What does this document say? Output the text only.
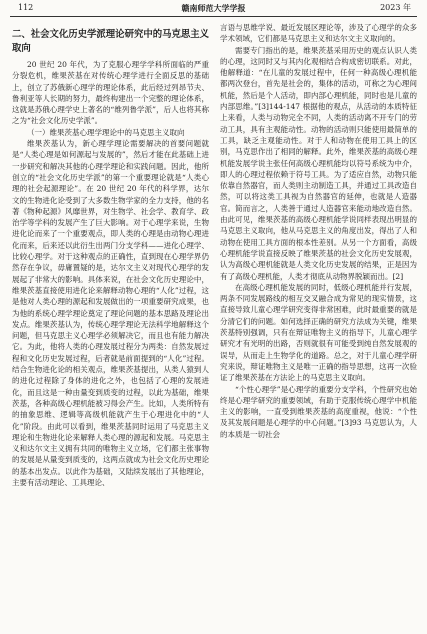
112	赣南师范大学学报	2023 年
二、社会文化历史学派理论研究中的马克思主义取向

20 世纪 20 年代，为了克服心理学学科所面临的严重分裂危机，维果茨基在对传统心理学进行全面反思的基础上，创立了苏俄新心理学的理论体系，此后经过列昂节夫、鲁利亚等人长期的努力，最终构建出一个完整的理论体系，这就是苏俄心理学史上著名的“维列鲁学派”，后人也将其称之为“社会文化历史学派”。

（一）维果茨基心理学理论中的马克思主义取向

维果茨基认为，新心理学理论需要解决的首要问题就是“人类心理是如何源起与发展的”，然后才能在此基础上进一步研究和解决其他的心理学理论和实践问题。因此，他所创立的“社会文化历史学派”的第一个重要理论就是“人类心理的社会起源理论”。在 20 世纪 20 年代的科学界，达尔文的生物进化论受到了大多数生物学家的全力支持，他的名著《物种起源》风靡世界，对生物学、社会学、教育学、政治学等学科的发展产生了巨大影响。对于心理学来说，生物进化论而来了一个重要观点，即人类的心理是由动物心理进化而来，后来还以此衍生出两门分支学科——进化心理学、比较心理学。对于这种观点的正确性，直到现在心理学界仍然存在争议，毋庸置疑的是，达尔文主义对现代心理学的发展起了非常大的影响。具体来说，在社会文化历史理论中，维果茨基直接使用进化论来解释动物心理的“人化”过程，这是他对人类心理的源起和发展做出的一项重要研究成果，也为他的系统心理学理论奠定了理论问题的基本思路及理论出发点。维果茨基认为，传统心理学理论无法科学地解释这个问题，但马克思主义心理学必须解决它，而且也有能力解决它。为此，他将人类的心理发展过程分为两类：自然发展过程和文化历史发展过程，后者就是前面提到的“人化”过程。结合生物进化论的相关观点，维果茨基提出，从类人猿到人的进化过程除了身体的进化之外，也包括了心理的发展进化，而且这是一种由量变到质变的过程，以此为基础，维果茨基，各种高级心理机能被习得会产生。比如，人类所特有的抽象思维、逻辑等高级机能就产生于心理进化中的“人化”阶段。由此可以看到，维果茨基同时运用了马克思主义理论和生物进化论来解释人类心理的源起和发展。马克思主义和达尔文主义拥有共同的唯物主义立场，它们都主张事物的发展是从量变到质变的，这两点就成为社会文化历史理论的基本出发点。以此作为基础，又陆续发展出了其他理论，主要有活动理论、工具理论、

言语与思维学说、最近发展区理论等，涉及了心理学的众多学术领域，它们都是马克思主义和达尔文主义取向的。

需要专门指出的是，维果茨基采用历史的观点认识人类的心理，这同时又与其内化观相结合构成密切联系。对此，他解释道：“在儿童的发展过程中，任何一种高级心理机能都两次登台，首先是社会的，集体的活动，可称之为心理间机能，然后是个人活动，即内部心理机能，同时也是儿童的内部思维。”[3]144-147 根据他的观点，从活动的本质特征上来看，人类与动物完全不同，人类的活动离不开专门的劳动工具，具有主观能动性。动物的活动则只能使用最简单的工具，缺乏主观能动性。对于人和动物在使用工具上的区别，马克思作出了相同的解释。此外，维果茨基的高级心理机能发展学说主张任何高级心理机能均以符号系统为中介，即人的心理过程依赖于符号工具。为了适应自然，动物只能依靠自然器官，而人类则主动制造工具，并通过工具改造自然，可以将这类工具视为自然器官的延伸，也就是人造器官。简而言之，人类善于通过人造器官来能动地改造自然。由此可见，维果茨基的高级心理机能学说同样表现出明显的马克思主义取向，他从马克思主义的角度出发，得出了人和动物在使用工具方面的根本性差别。从另一个方面看，高级心理机能学说直接反映了维果茨基的社会文化历史发展观，认为高级心理机能就是人类文化历史发展的结果，正是因为有了高级心理机能，人类才彻底从动物界脱颖而出。[2]

在高级心理机能发展的同时，低级心理机能并行发展，两条不同发展路线的相互交叉融合成为常见的现实情景，这直接导致儿童心理学研究变得非常困难，此时最重要的就是分清它们的问题。如何选择正确的研究方法成为关键，维果茨基特别强调，只有在辩证唯物主义的指导下，儿童心理学研究才有光明的出路，否则就很有可能受到纯自然发展观的误导，从而走上生物学化的道路。总之，对于儿童心理学研究来说，辩证唯物主义是唯一正确的指导思想，这再一次验证了维果茨基在方法论上的马克思主义取向。

“个性心理学”是心理学的重要分支学科，个性研究也始终是心理学研究的重要领域，有助于克服传统心理学中机能主义的影响，一直受到维果茨基的高度重视，他说：“个性及其发展问题是心理学的中心问题。”[3]93 马克思认为，人的本质是一切社会
